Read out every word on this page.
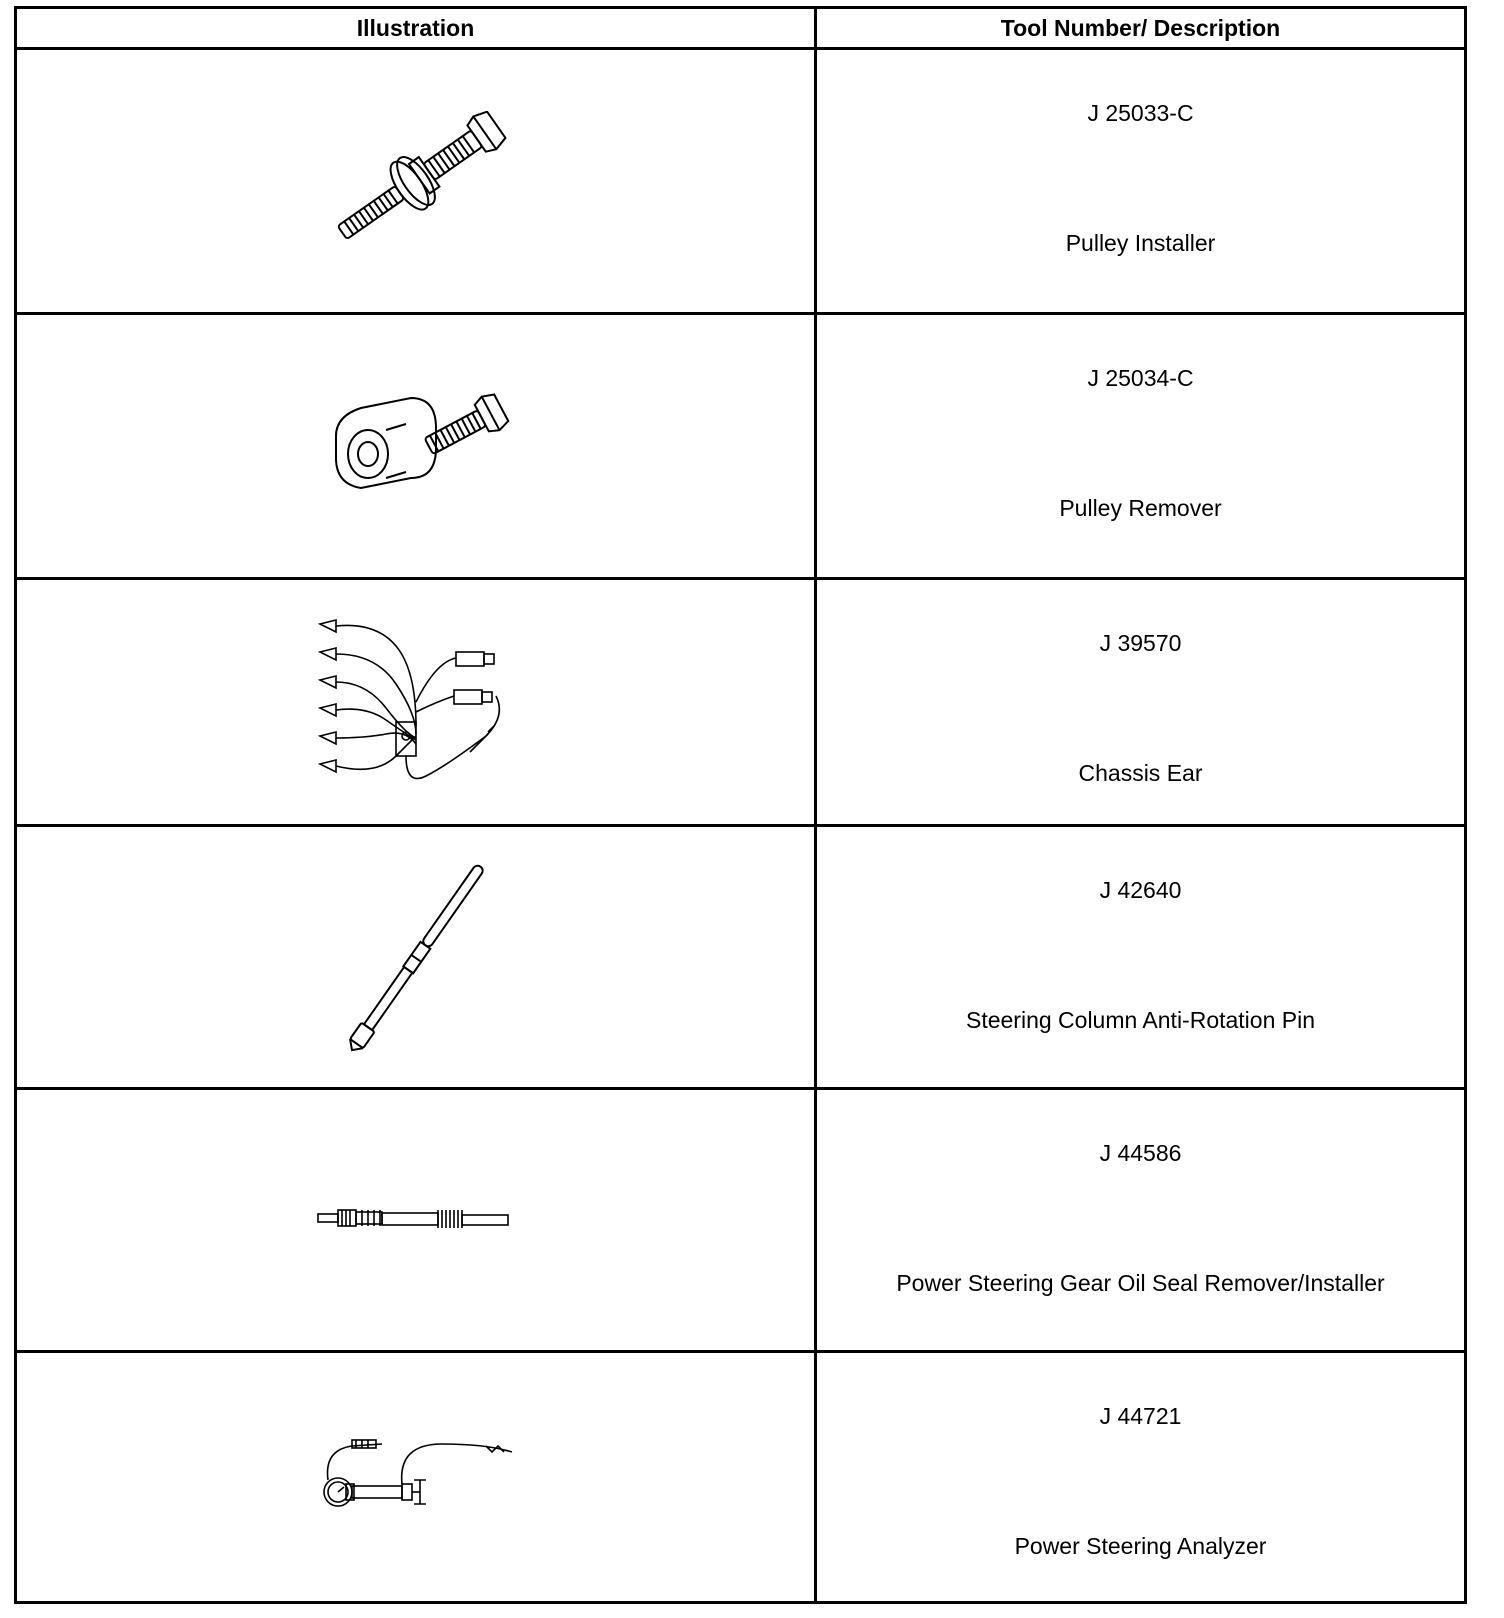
Illustration	Tool Number/ Description

J 25033-C
Pulley Installer

J 25034-C
Pulley Remover

J 39570
Chassis Ear

J 42640
Steering Column Anti-Rotation Pin

J 44586
Power Steering Gear Oil Seal Remover/Installer

J 44721
Power Steering Analyzer
